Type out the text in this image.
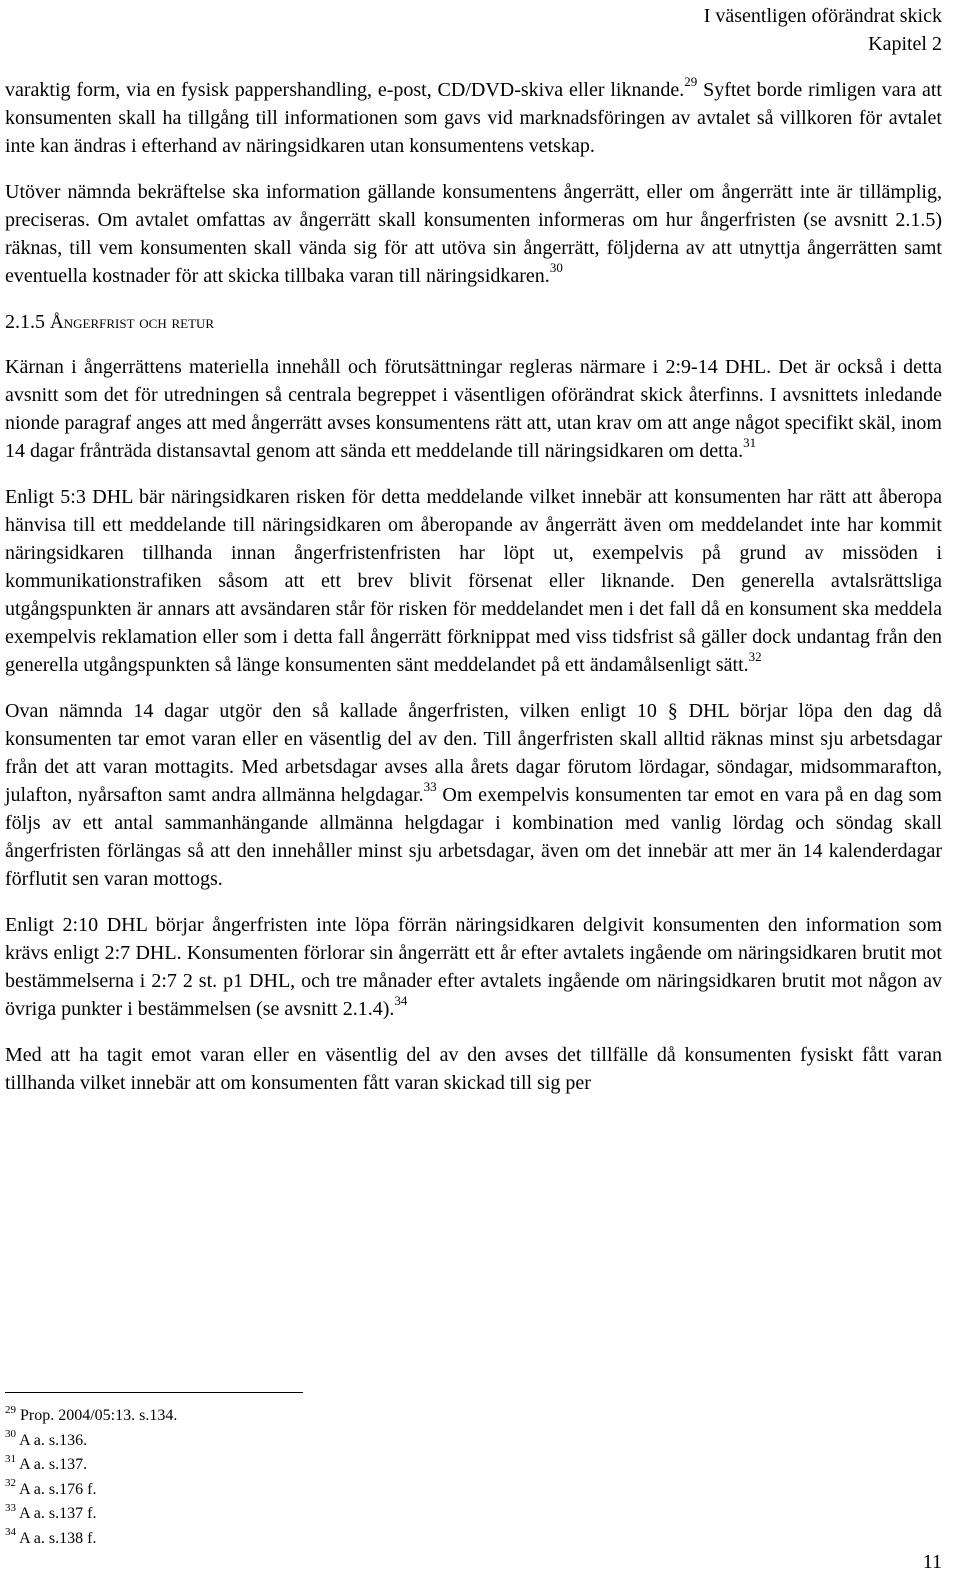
I väsentligen oförändrat skick
Kapitel 2

varaktig form, via en fysisk pappershandling, e-post, CD/DVD-skiva eller liknande.$^{29}$ Syftet borde rimligen vara att konsumenten skall ha tillgång till informationen som gavs vid marknadsföringen av avtalet så villkoren för avtalet inte kan ändras i efterhand av näringsidkaren utan konsumentens vetskap.

Utöver nämnda bekräftelse ska information gällande konsumentens ångerrätt, eller om ångerrätt inte är tillämplig, preciseras. Om avtalet omfattas av ångerrätt skall konsumenten informeras om hur ångerfristen (se avsnitt 2.1.5) räknas, till vem konsumenten skall vända sig för att utöva sin ångerrätt, följderna av att utnyttja ångerrätten samt eventuella kostnader för att skicka tillbaka varan till näringsidkaren.$^{30}$

2.1.5 Ångerfrist och retur

Kärnan i ångerrättens materiella innehåll och förutsättningar regleras närmare i 2:9-14 DHL. Det är också i detta avsnitt som det för utredningen så centrala begreppet i väsentligen oförändrat skick återfinns. I avsnittets inledande nionde paragraf anges att med ångerrätt avses konsumentens rätt att, utan krav om att ange något specifikt skäl, inom 14 dagar frånträda distansavtal genom att sända ett meddelande till näringsidkaren om detta.$^{31}$

Enligt 5:3 DHL bär näringsidkaren risken för detta meddelande vilket innebär att konsumenten har rätt att åberopa hänvisa till ett meddelande till näringsidkaren om åberopande av ångerrätt även om meddelandet inte har kommit näringsidkaren tillhanda innan ångerfristenfristen har löpt ut, exempelvis på grund av missöden i kommunikationstrafiken såsom att ett brev blivit försenat eller liknande. Den generella avtalsrättsliga utgångspunkten är annars att avsändaren står för risken för meddelandet men i det fall då en konsument ska meddela exempelvis reklamation eller som i detta fall ångerrätt förknippat med viss tidsfrist så gäller dock undantag från den generella utgångspunkten så länge konsumenten sänt meddelandet på ett ändamålsenligt sätt.$^{32}$

Ovan nämnda 14 dagar utgör den så kallade ångerfristen, vilken enligt 10 § DHL börjar löpa den dag då konsumenten tar emot varan eller en väsentlig del av den. Till ångerfristen skall alltid räknas minst sju arbetsdagar från det att varan mottagits. Med arbetsdagar avses alla årets dagar förutom lördagar, söndagar, midsommarafton, julafton, nyårsafton samt andra allmänna helgdagar.$^{33}$ Om exempelvis konsumenten tar emot en vara på en dag som följs av ett antal sammanhängande allmänna helgdagar i kombination med vanlig lördag och söndag skall ångerfristen förlängas så att den innehåller minst sju arbetsdagar, även om det innebär att mer än 14 kalenderdagar förflutit sen varan mottogs.

Enligt 2:10 DHL börjar ångerfristen inte löpa förrän näringsidkaren delgivit konsumenten den information som krävs enligt 2:7 DHL. Konsumenten förlorar sin ångerrätt ett år efter avtalets ingående om näringsidkaren brutit mot bestämmelserna i 2:7 2 st. p1 DHL, och tre månader efter avtalets ingående om näringsidkaren brutit mot någon av övriga punkter i bestämmelsen (se avsnitt 2.1.4).$^{34}$

Med att ha tagit emot varan eller en väsentlig del av den avses det tillfälle då konsumenten fysiskt fått varan tillhanda vilket innebär att om konsumenten fått varan skickad till sig per

$^{29}$ Prop. 2004/05:13. s.134.
$^{30}$ A a. s.136.
$^{31}$ A a. s.137.
$^{32}$ A a. s.176 f.
$^{33}$ A a. s.137 f.
$^{34}$ A a. s.138 f.
11
